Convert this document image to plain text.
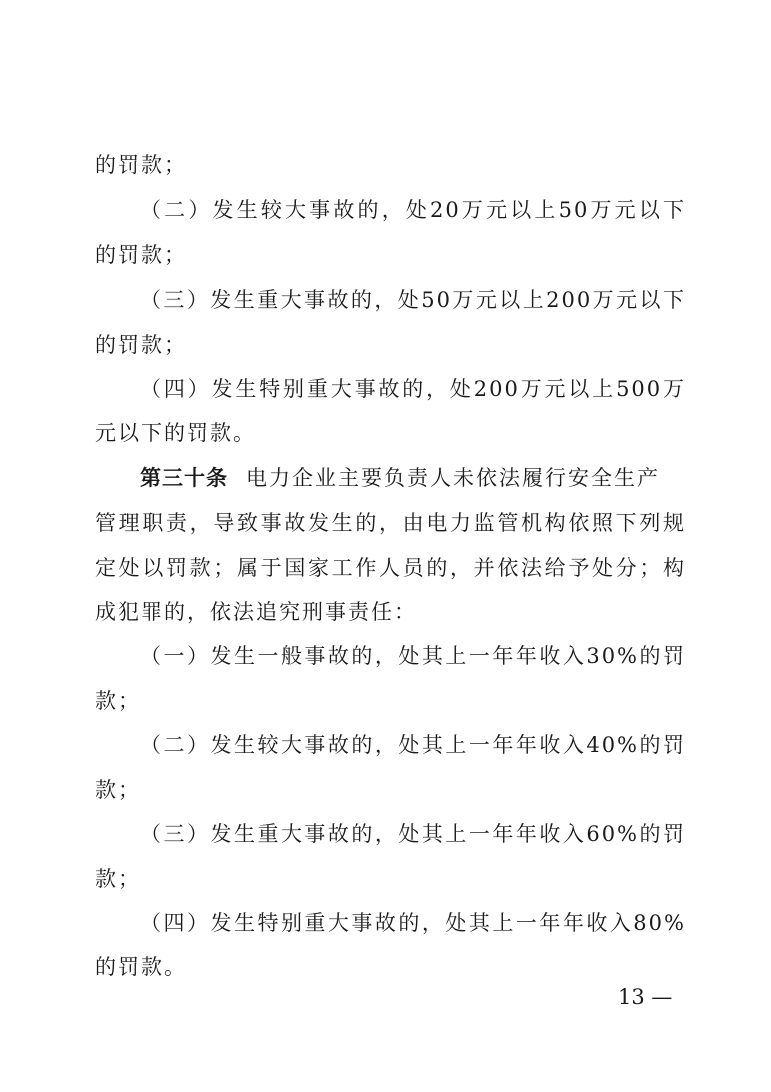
的罚款；
（二）发生较大事故的，处20万元以上50万元以下
的罚款；
（三）发生重大事故的，处50万元以上200万元以下
的罚款；
（四）发生特别重大事故的，处200万元以上500万
元以下的罚款。
第三十条 电力企业主要负责人未依法履行安全生产
管理职责，导致事故发生的，由电力监管机构依照下列规
定处以罚款；属于国家工作人员的，并依法给予处分；构
成犯罪的，依法追究刑事责任：
（一）发生一般事故的，处其上一年年收入30%的罚
款；
（二）发生较大事故的，处其上一年年收入40%的罚
款；
（三）发生重大事故的，处其上一年年收入60%的罚
款；
（四）发生特别重大事故的，处其上一年年收入80%
的罚款。
13 —
